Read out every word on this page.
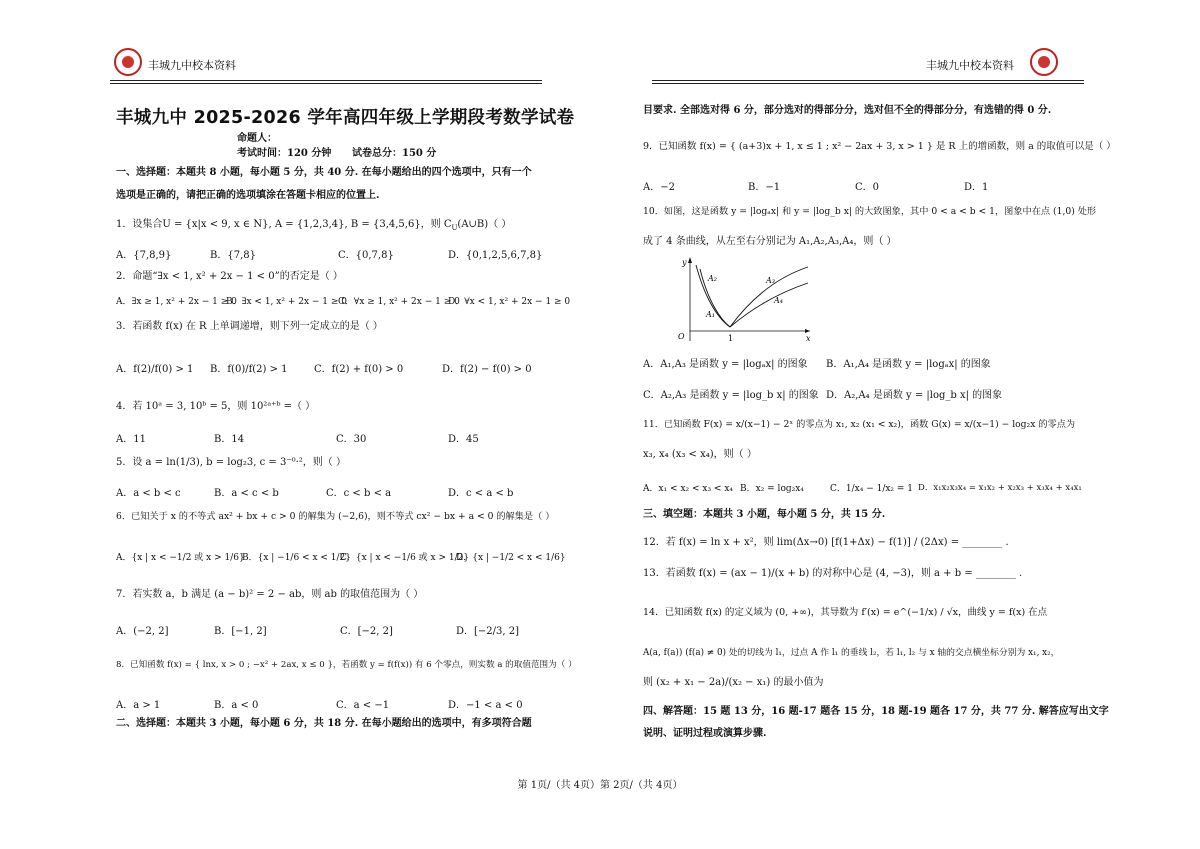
丰城九中校本资料
丰城九中 2025-2026 学年高四年级上学期段考数学试卷
命题人：
考试时间：120 分钟 试卷总分：150 分
一、选择题：本题共 8 小题，每小题 5 分，共 40 分. 在每小题给出的四个选项中，只有一个
选项是正确的，请把正确的选项填涂在答题卡相应的位置上.
1．设集合U = {x|x < 9, x ∈ N}, A = {1,2,3,4}, B = {3,4,5,6}，则 $C_U(A\cup B)$（ ）
A．{7,8,9}	B．{7,8}	C．{0,7,8}	D．{0,1,2,5,6,7,8}
2．命题“∃x < 1, x² + 2x − 1 < 0”的否定是（ ）
A．∃x ≥ 1, x² + 2x − 1 ≥ 0
B．∃x < 1, x² + 2x − 1 ≥ 0
C．∀x ≥ 1, x² + 2x − 1 ≥ 0
D．∀x < 1, x² + 2x − 1 ≥ 0
3．若函数 f(x) 在 R 上单调递增，则下列一定成立的是（ ）
A．f(2)/f(0) > 1 B．f(0)/f(2) > 1	C．f(2) + f(0) > 0	D．f(2) − f(0) > 0
4．若 10ᵃ = 3, 10ᵇ = 5，则 10²ᵃ⁺ᵇ =（ ）
A．11	B．14	C．30	D．45
5．设 a = ln(1/3), b = log₂3, c = 3⁻⁰·²，则（ ）
A．a < b < c	B．a < c < b	C．c < b < a	D．c < a < b
6．已知关于 x 的不等式 ax² + bx + c > 0 的解集为 (−2,6)，则不等式 cx² − bx + a < 0 的解集是（ ）
A．{x | x < −1/2 或 x > 1/6}
B．{x | −1/6 < x < 1/2}
C．{x | x < −1/6 或 x > 1/2}
D．{x | −1/2 < x < 1/6}
7．若实数 a，b 满足 (a − b)² = 2 − ab，则 ab 的取值范围为（ ）
A．(−2, 2]	B．[−1, 2]	C．[−2, 2]	D．[−2/3, 2]
8．已知函数 f(x) = { lnx, x > 0 ; −x² + 2ax, x ≤ 0 }，若函数 y = f(f(x)) 有 6 个零点，则实数 a 的取值范围为（ ）
A．a > 1	B．a < 0	C．a < −1	D．−1 < a < 0
二、选择题：本题共 3 小题，每小题 6 分，共 18 分. 在每小题给出的选项中，有多项符合题
丰城九中校本资料
目要求. 全部选对得 6 分，部分选对的得部分分，选对但不全的得部分分，有选错的得 0 分.
9．已知函数 f(x) = { (a+3)x + 1, x ≤ 1 ; x² − 2ax + 3, x > 1 } 是 R 上的增函数，则 a 的取值可以是（ ）
A．−2	B．−1	C．0	D．1
10．如图，这是函数 y = |logₐx| 和 y = |log_b x| 的大致图象，其中 0 < a < b < 1，图象中在点 (1,0) 处形
成了 4 条曲线，从左至右分别记为 A₁,A₂,A₃,A₄，则（ ）
x
y
O	1
A₂
A₁
A₃
A₄
A．A₁,A₃ 是函数 y = |logₐx| 的图象 B．A₁,A₄ 是函数 y = |logₐx| 的图象
C．A₂,A₃ 是函数 y = |log_b x| 的图象 D．A₂,A₄ 是函数 y = |log_b x| 的图象
11．已知函数 F(x) = x/(x−1) − 2ˣ 的零点为 x₁, x₂ (x₁ < x₂)，函数 G(x) = x/(x−1) − log₂x 的零点为
x₃, x₄ (x₃ < x₄)，则（ ）
A．x₁ < x₂ < x₃ < x₄ B．x₂ = log₂x₄	C．1/x₄ − 1/x₂ = 1 D．x₁x₂x₃x₄ = x₁x₂ + x₂x₃ + x₃x₄ + x₄x₁
三、填空题：本题共 3 小题，每小题 5 分，共 15 分.
12．若 f(x) = ln x + x²，则 lim(Δx→0) [f(1+Δx) − f(1)] / (2Δx) = ________ .
13．若函数 f(x) = (ax − 1)/(x + b) 的对称中心是 (4, −3)，则 a + b = ________ .
14．已知函数 f(x) 的定义域为 (0, +∞)，其导数为 f′(x) = e^(−1/x) / √x，曲线 y = f(x) 在点
A(a, f(a)) (f(a) ≠ 0) 处的切线为 l₁，过点 A 作 l₁ 的垂线 l₂，若 l₁, l₂ 与 x 轴的交点横坐标分别为 x₁, x₂，
则 (x₂ + x₁ − 2a)/(x₂ − x₁) 的最小值为
四、解答题：15 题 13 分，16 题-17 题各 15 分，18 题-19 题各 17 分，共 77 分. 解答应写出文字
说明、证明过程或演算步骤.
第 1页/（共 4页）第 2页/（共 4页）
